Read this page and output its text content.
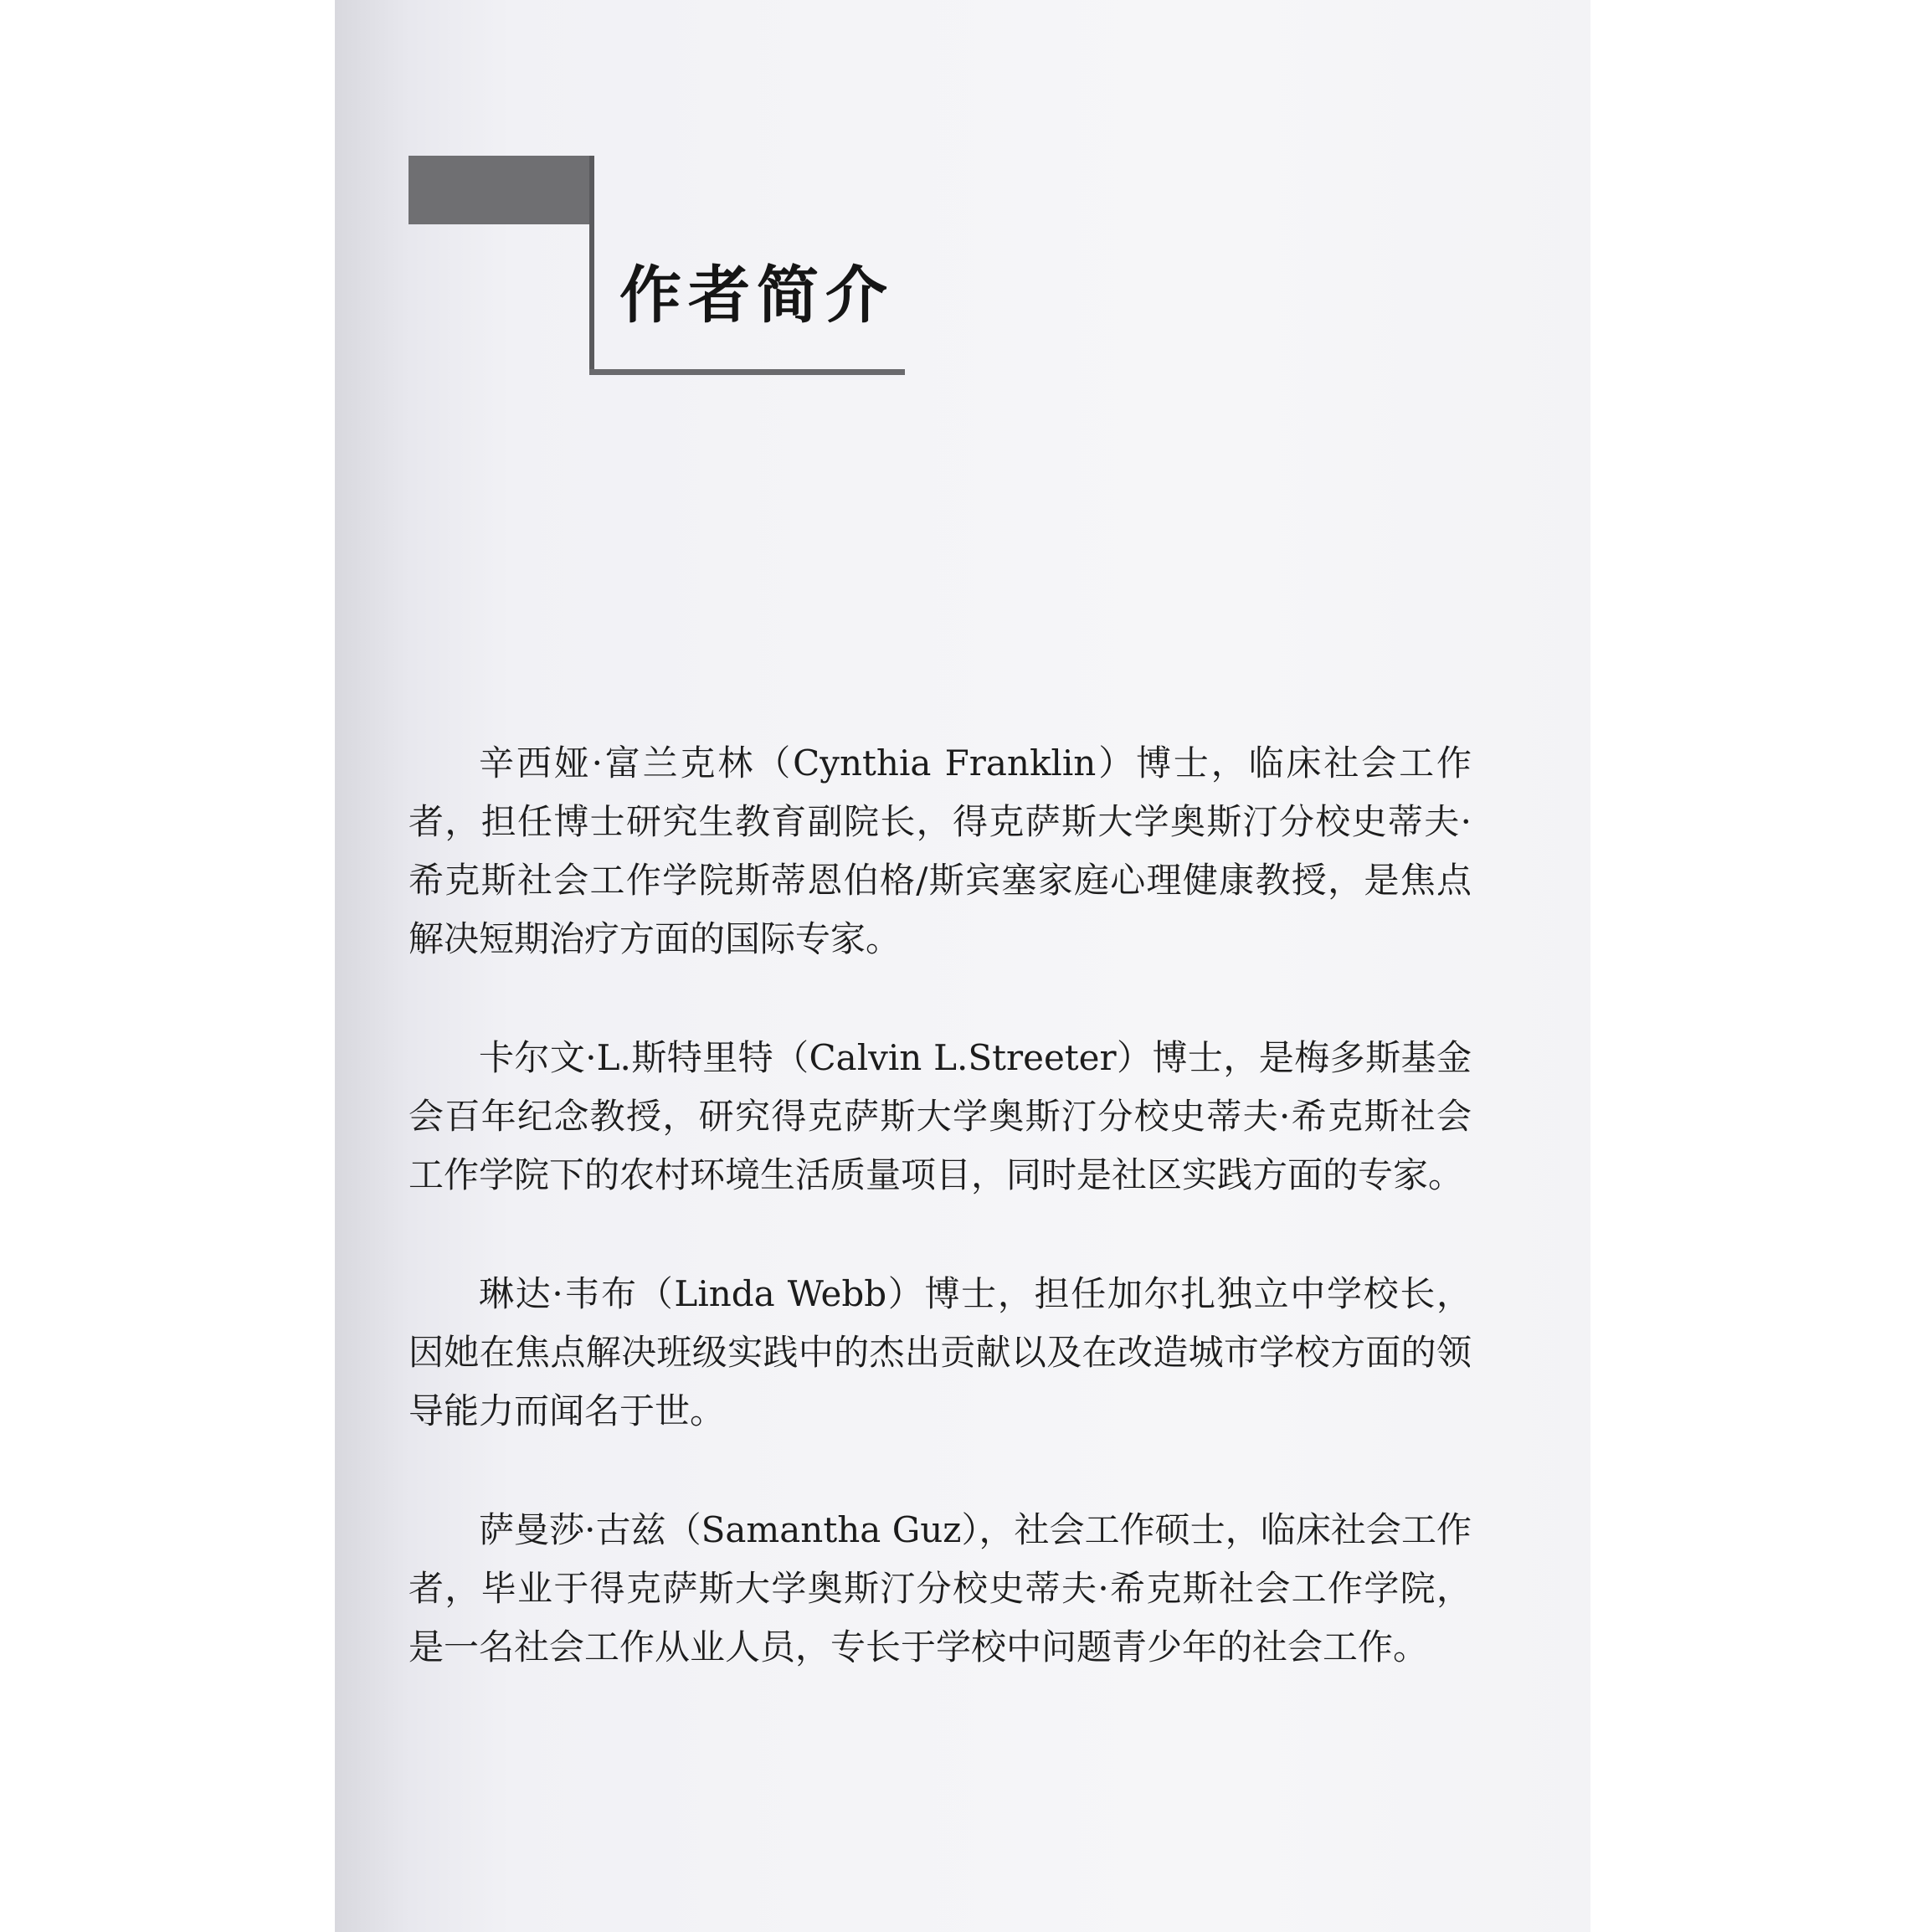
作者简介

辛西娅·富兰克林（Cynthia Franklin）博士，临床社会工作者，担任博士研究生教育副院长，得克萨斯大学奥斯汀分校史蒂夫·希克斯社会工作学院斯蒂恩伯格/斯宾塞家庭心理健康教授，是焦点解决短期治疗方面的国际专家。

卡尔文·L.斯特里特（Calvin L.Streeter）博士，是梅多斯基金会百年纪念教授，研究得克萨斯大学奥斯汀分校史蒂夫·希克斯社会工作学院下的农村环境生活质量项目，同时是社区实践方面的专家。

琳达·韦布（Linda Webb）博士，担任加尔扎独立中学校长，因她在焦点解决班级实践中的杰出贡献以及在改造城市学校方面的领导能力而闻名于世。

萨曼莎·古兹（Samantha Guz），社会工作硕士，临床社会工作者，毕业于得克萨斯大学奥斯汀分校史蒂夫·希克斯社会工作学院，是一名社会工作从业人员，专长于学校中问题青少年的社会工作。
